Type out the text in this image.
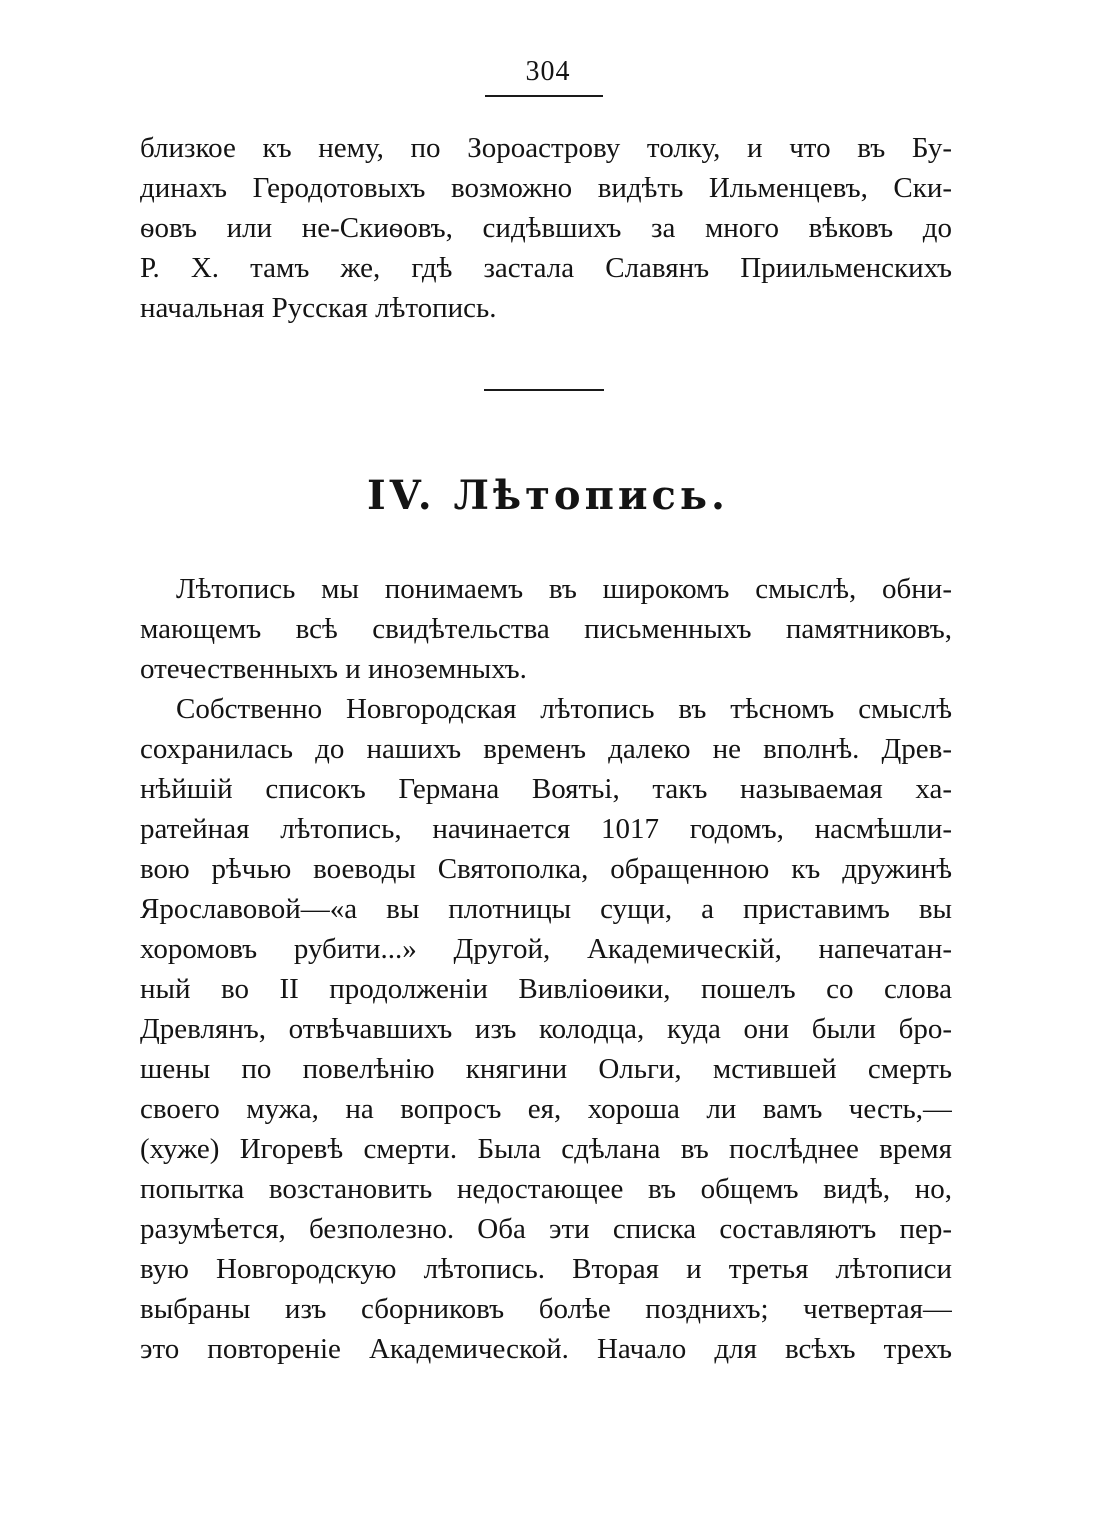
304
близкое къ нему, по Зороастрову толку, и что въ Бу-
динахъ Геродотовыхъ возможно видѣть Ильменцевъ, Ски-
ѳовъ или не-Скиѳовъ, сидѣвшихъ за много вѣковъ до
Р. Х. тамъ же, гдѣ застала Славянъ Приильменскихъ
начальная Русская лѣтопись.
IV. Лѣтопись.
Лѣтопись мы понимаемъ въ широкомъ смыслѣ, обни-
мающемъ всѣ свидѣтельства письменныхъ памятниковъ,
отечественныхъ и иноземныхъ.
Собственно Новгородская лѣтопись въ тѣсномъ смыслѣ
сохранилась до нашихъ временъ далеко не вполнѣ. Древ-
нѣйшій списокъ Германа Воятьі, такъ называемая ха-
ратейная лѣтопись, начинается 1017 годомъ, насмѣшли-
вою рѣчью воеводы Святополка, обращенною къ дружинѣ
Ярославовой—«а вы плотницы сущи, а приставимъ вы
хоромовъ рубити...» Другой, Академическій, напечатан-
ный во II продолженіи Вивліоѳики, пошелъ со слова
Древлянъ, отвѣчавшихъ изъ колодца, куда они были бро-
шены по повелѣнію княгини Ольги, мстившей смерть
своего мужа, на вопросъ ея, хороша ли вамъ честь,—
(хуже) Игоревѣ смерти. Была сдѣлана въ послѣднее время
попытка возстановить недостающее въ общемъ видѣ, но,
разумѣется, безполезно. Оба эти списка составляютъ пер-
вую Новгородскую лѣтопись. Вторая и третья лѣтописи
выбраны изъ сборниковъ болѣе позднихъ; четвертая—
это повтореніе Академической. Начало для всѣхъ трехъ
